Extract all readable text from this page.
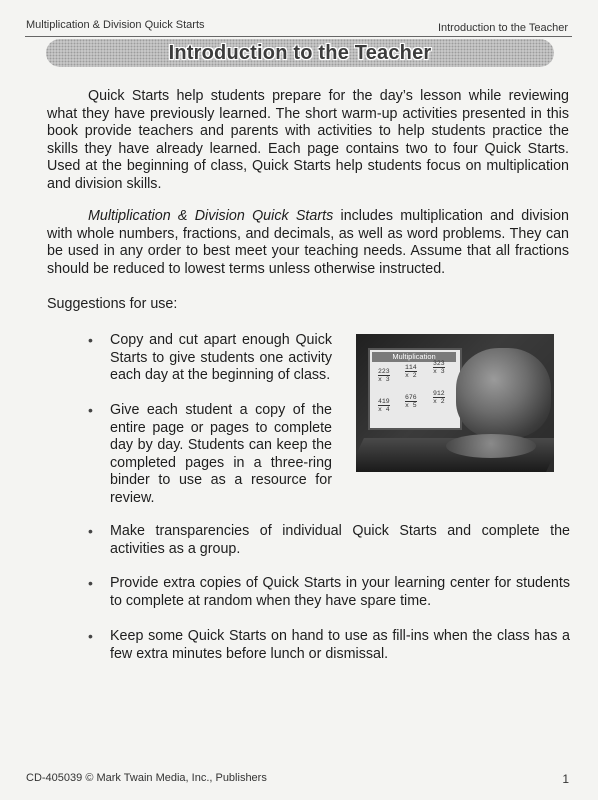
Multiplication & Division Quick Starts	Introduction to the Teacher
Introduction to the Teacher
Quick Starts help students prepare for the day’s lesson while reviewing what they have previously learned. The short warm-up activities presented in this book provide teachers and parents with activities to help students practice the skills they have already learned. Each page contains two to four Quick Starts. Used at the beginning of class, Quick Starts help students focus on multiplication and division skills.
Multiplication & Division Quick Starts includes multiplication and division with whole numbers, fractions, and decimals, as well as word problems. They can be used in any order to best meet your teaching needs. Assume that all fractions should be reduced to lowest terms unless otherwise instructed.
Suggestions for use:
• Copy and cut apart enough Quick Starts to give students one activity each day at the beginning of class.
• Give each student a copy of the entire page or pages to complete day by day. Students can keep the completed pages in a three-ring binder to use as a resource for review.
• Make transparencies of individual Quick Starts and complete the activities as a group.
• Provide extra copies of Quick Starts in your learning center for students to complete at random when they have spare time.
• Keep some Quick Starts on hand to use as fill-ins when the class has a few extra minutes before lunch or dismissal.
Multiplication
223
x 3
114
x 2
323
x 3
419
x 4
676
x 5
912
x 2
CD-405039 © Mark Twain Media, Inc., Publishers	1
